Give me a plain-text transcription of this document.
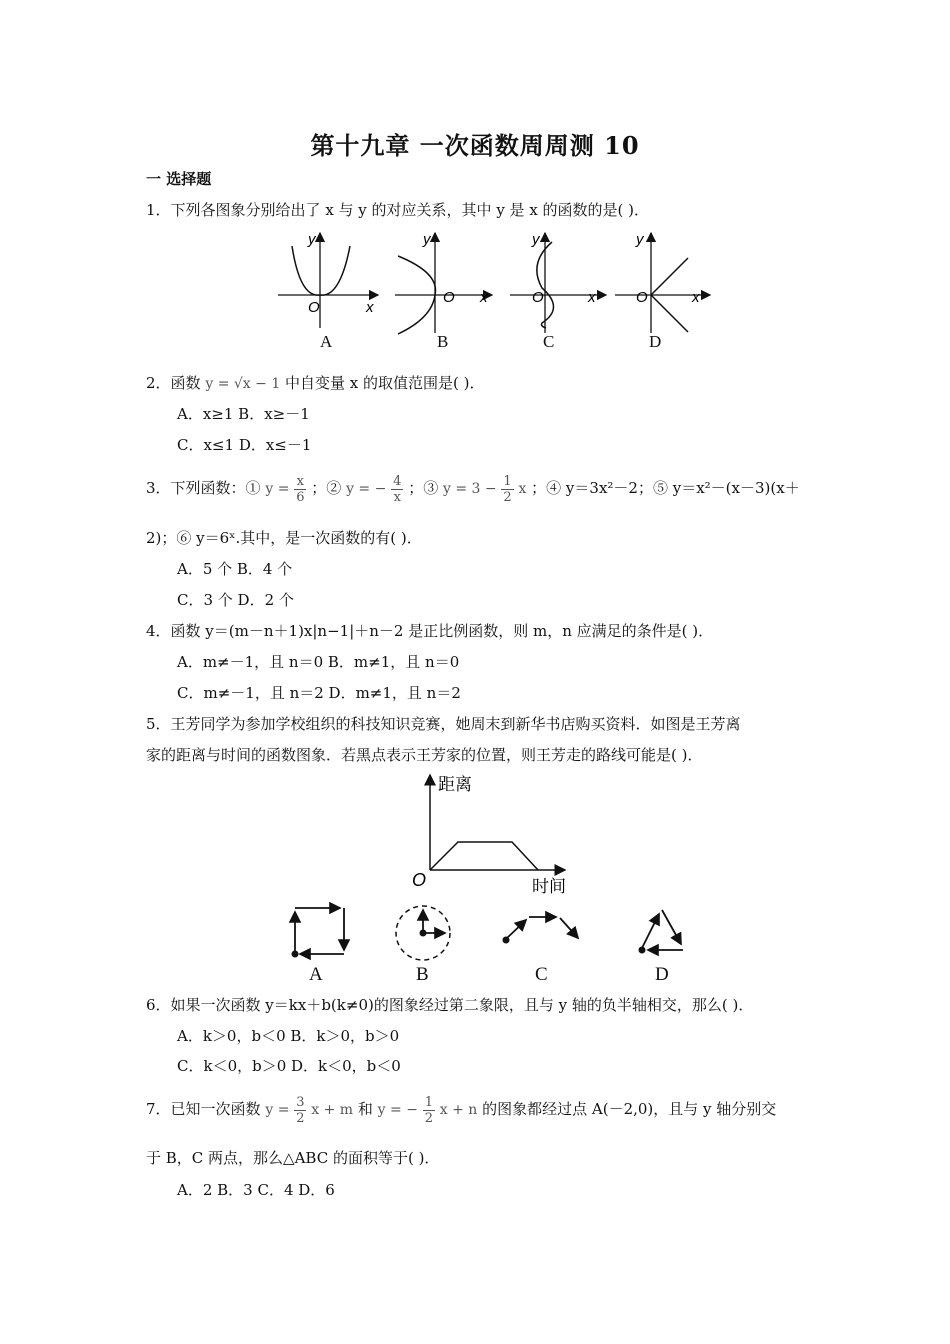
第十九章 一次函数周周测 10
一 选择题
1．下列各图象分别给出了 x 与 y 的对应关系，其中 y 是 x 的函数的是( )．
y
O	x
y
O x
y
O	x
y
O	x
A	B	C	D
2．函数 y = √x − 1 中自变量 x 的取值范围是( )．
A．x≥1 B．x≥－1
C．x≤1 D．x≤－1
3．下列函数：① $y = \frac{x}{6}$ ；② y = − $\frac{4}{x}$ ；③ $y = 3 - \frac{1}{2}$ x ；④ y＝3x²－2；⑤ y＝x²－(x－3)(x＋
2)；⑥ y＝6ˣ.其中，是一次函数的有( )．
A．5 个 B．4 个
C．3 个 D．2 个
4．函数 y＝(m－n＋1)x|n−1|＋n－2 是正比例函数，则 m，n 应满足的条件是( )．
A．m≠－1，且 n＝0 B．m≠1，且 n＝0
C．m≠－1，且 n＝2 D．m≠1，且 n＝2
5．王芳同学为参加学校组织的科技知识竞赛，她周末到新华书店购买资料．如图是王芳离
家的距离与时间的函数图象．若黑点表示王芳家的位置，则王芳走的路线可能是( )．
距离
O	时间
A	B	C	D
6．如果一次函数 y＝kx＋b(k≠0)的图象经过第二象限，且与 y 轴的负半轴相交，那么( )．
A．k＞0，b＜0 B．k＞0，b＞0
C．k＜0，b＞0 D．k＜0，b＜0
7．已知一次函数 $y = \frac{3}{2}$ x + m 和 y = − $\frac{1}{2}$ x + n 的图象都经过点 A(－2,0)，且与 y 轴分别交
于 B，C 两点，那么△ABC 的面积等于( )．
A．2 B．3 C．4 D．6
